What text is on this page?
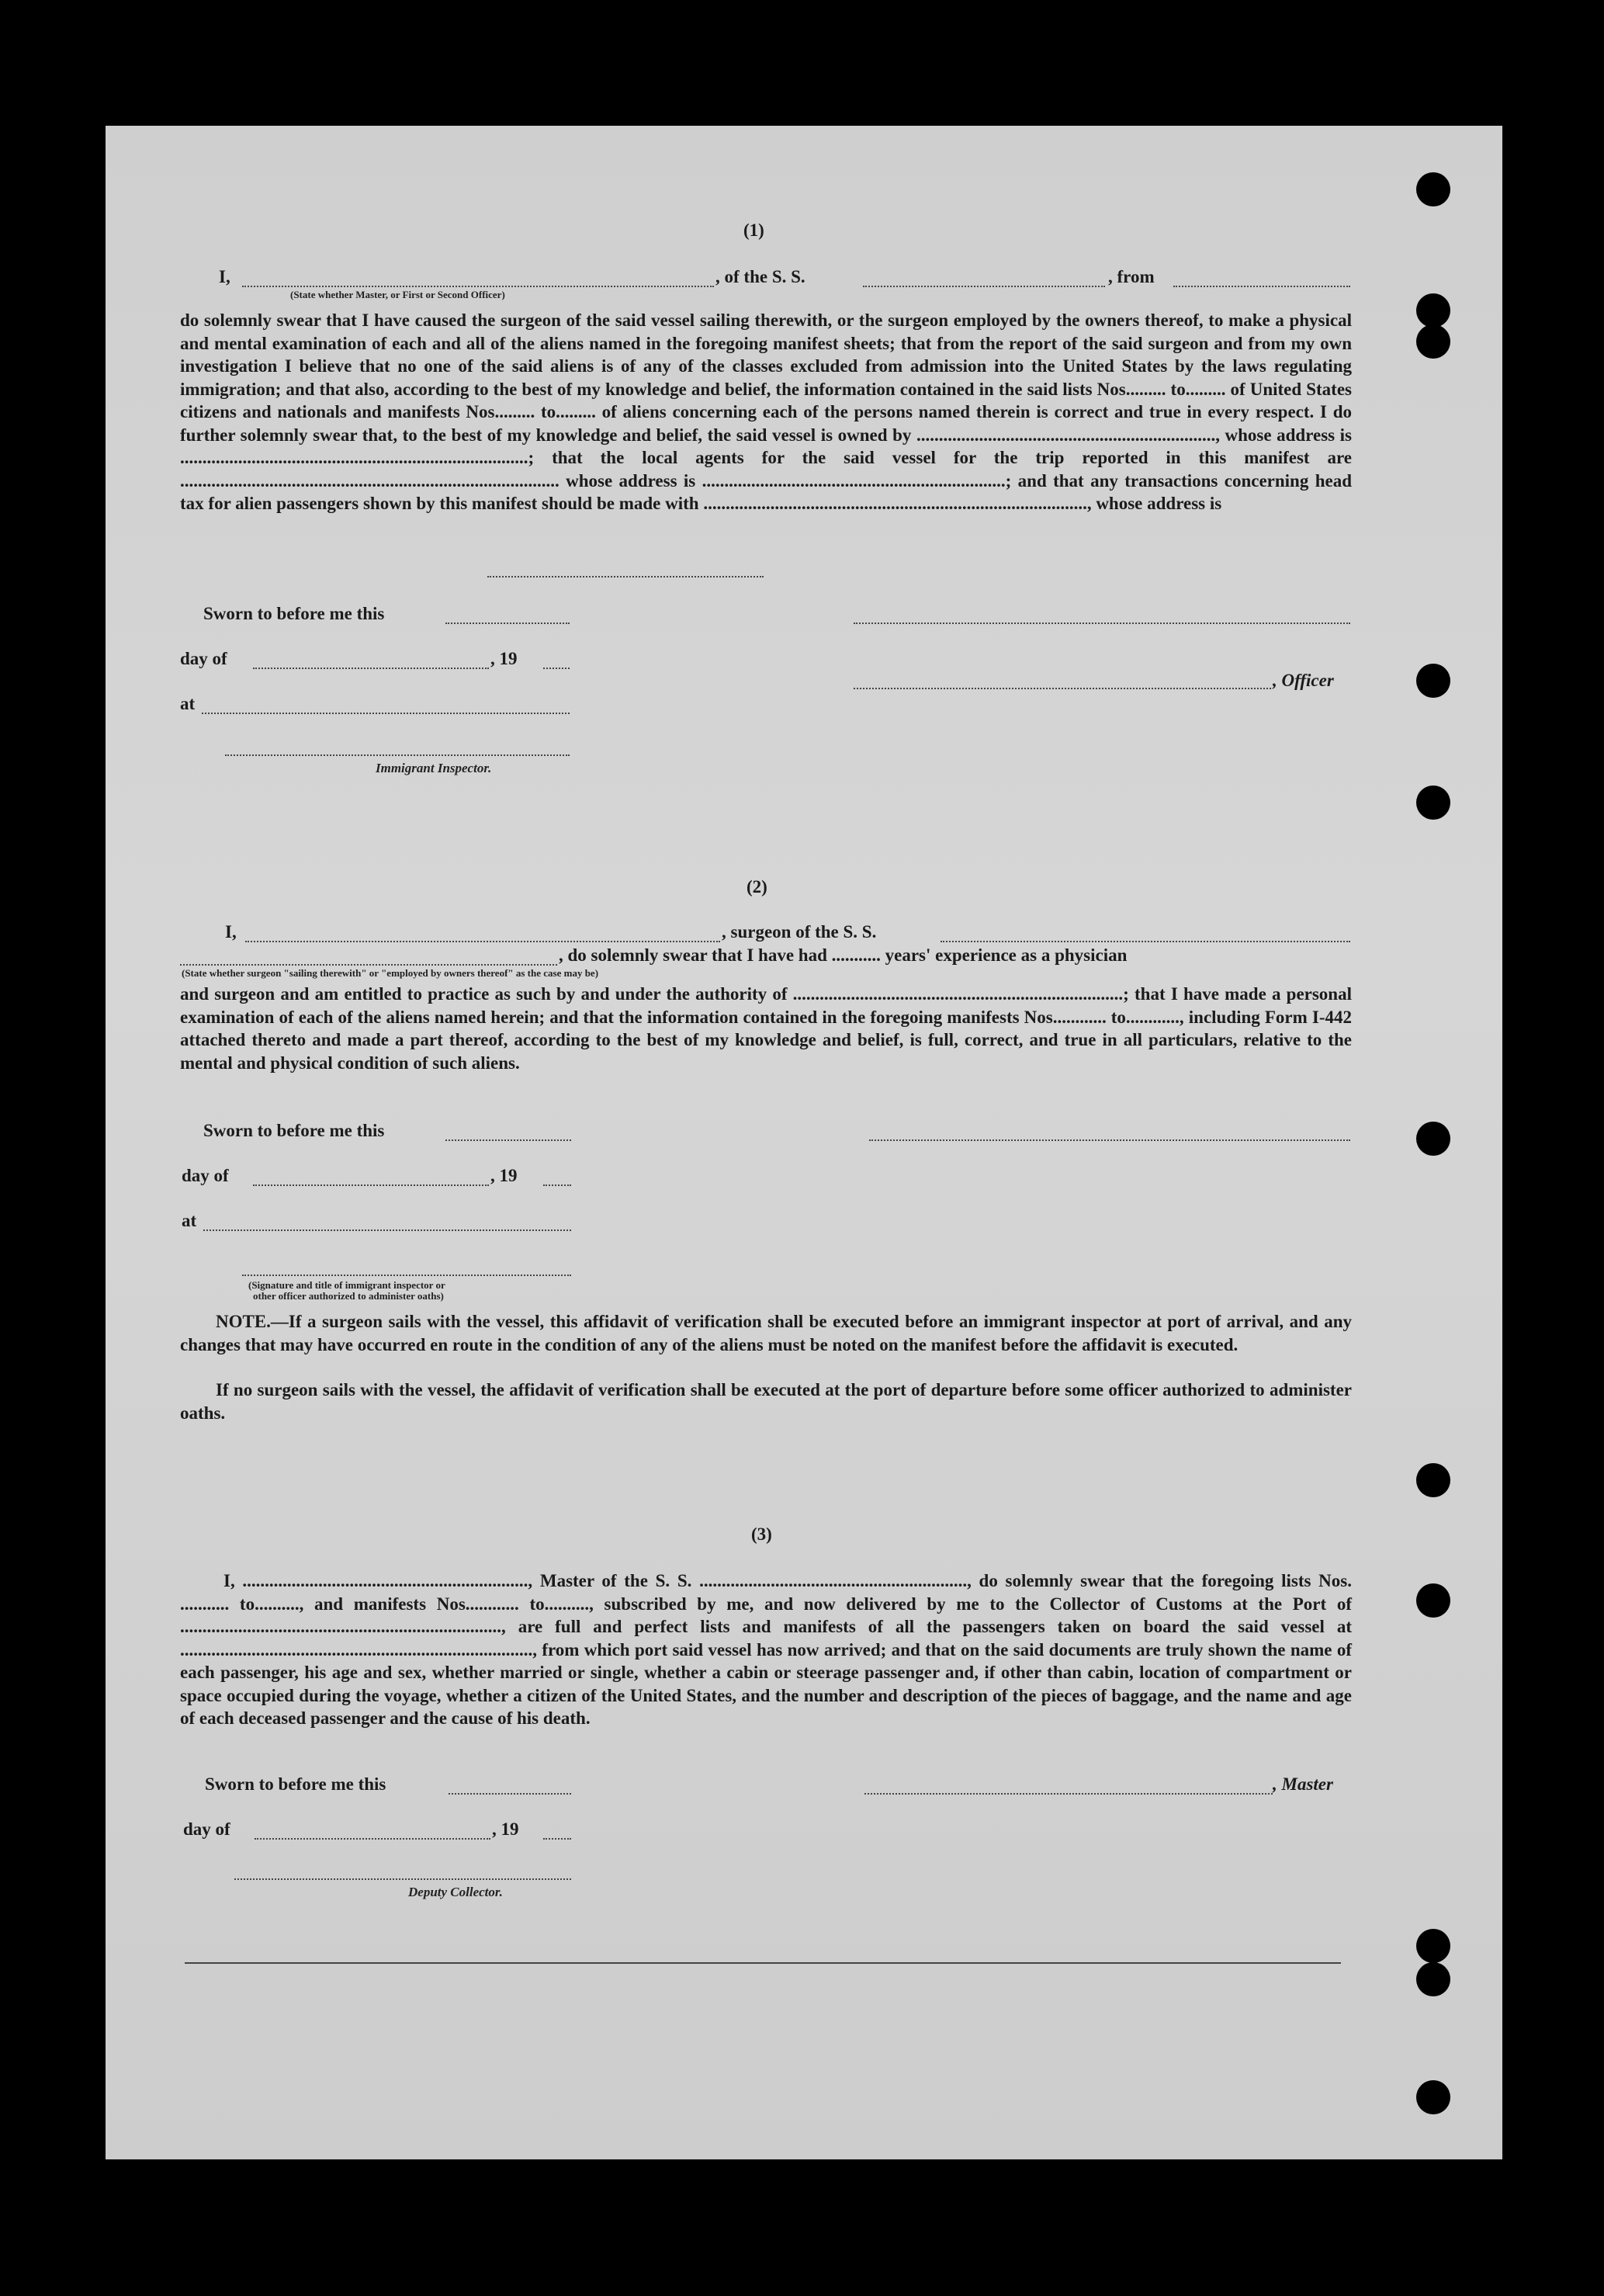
(1)
I,	, of the S. S.	, from
(State whether Master, or First or Second Officer)
do solemnly swear that I have caused the surgeon of the said vessel sailing therewith, or the surgeon employed by the owners thereof, to make a physical and mental examination of each and all of the aliens named in the foregoing manifest sheets; that from the report of the said surgeon and from my own investigation I believe that no one of the said aliens is of any of the classes excluded from admission into the United States by the laws regulating immigration; and that also, according to the best of my knowledge and belief, the information contained in the said lists Nos......... to......... of United States citizens and nationals and manifests Nos......... to......... of aliens concerning each of the persons named therein is correct and true in every respect. I do further solemnly swear that, to the best of my knowledge and belief, the said vessel is owned by ..................................................................., whose address is ..............................................................................; that the local agents for the said vessel for the trip reported in this manifest are ..................................................................................... whose address is ....................................................................; and that any transactions concerning head tax for alien passengers shown by this manifest should be made with ......................................................................................, whose address is
Sworn to before me this
day of	, 19
, Officer
at
Immigrant Inspector.
(2)
I,	, surgeon of the S. S.
, do solemnly swear that I have had ........... years' experience as a physician
(State whether surgeon "sailing therewith" or "employed by owners thereof" as the case may be)
and surgeon and am entitled to practice as such by and under the authority of ..........................................................................; that I have made a personal examination of each of the aliens named herein; and that the information contained in the foregoing manifests Nos............ to............, including Form I-442 attached thereto and made a part thereof, according to the best of my knowledge and belief, is full, correct, and true in all particulars, relative to the mental and physical condition of such aliens.
Sworn to before me this
day of	, 19
at
(Signature and title of immigrant inspector or
other officer authorized to administer oaths)
NOTE.—If a surgeon sails with the vessel, this affidavit of verification shall be executed before an immigrant inspector at port of arrival, and any changes that may have occurred en route in the condition of any of the aliens must be noted on the manifest before the affidavit is executed.
If no surgeon sails with the vessel, the affidavit of verification shall be executed at the port of departure before some officer authorized to administer oaths.
(3)
I, ................................................................, Master of the S. S. ............................................................, do solemnly swear that the foregoing lists Nos. ........... to.........., and manifests Nos............ to.........., subscribed by me, and now delivered by me to the Collector of Customs at the Port of ........................................................................, are full and perfect lists and manifests of all the passengers taken on board the said vessel at ..............................................................................., from which port said vessel has now arrived; and that on the said documents are truly shown the name of each passenger, his age and sex, whether married or single, whether a cabin or steerage passenger and, if other than cabin, location of compartment or space occupied during the voyage, whether a citizen of the United States, and the number and description of the pieces of baggage, and the name and age of each deceased passenger and the cause of his death.
Sworn to before me this	, Master
day of	, 19
Deputy Collector.
